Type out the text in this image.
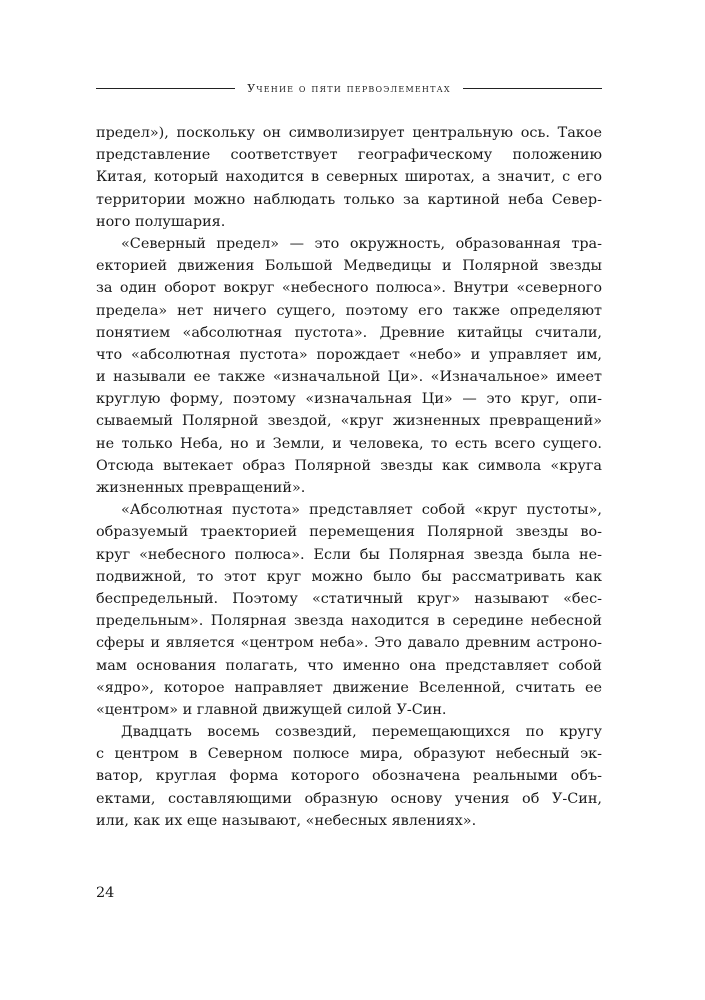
Учение о пяти первоэлементах
предел»), поскольку он символизирует центральную ось. Такое
представление соответствует географическому положению
Китая, который находится в северных широтах, а значит, с его
территории можно наблюдать только за картиной неба Север-
ного полушария.
«Северный предел» — это окружность, образованная тра-
екторией движения Большой Медведицы и Полярной звезды
за один оборот вокруг «небесного полюса». Внутри «северного
предела» нет ничего сущего, поэтому его также определяют
понятием «абсолютная пустота». Древние китайцы считали,
что «абсолютная пустота» порождает «небо» и управляет им,
и называли ее также «изначальной Ци». «Изначальное» имеет
круглую форму, поэтому «изначальная Ци» — это круг, опи-
сываемый Полярной звездой, «круг жизненных превращений»
не только Неба, но и Земли, и человека, то есть всего сущего.
Отсюда вытекает образ Полярной звезды как символа «круга
жизненных превращений».
«Абсолютная пустота» представляет собой «круг пустоты»,
образуемый траекторией перемещения Полярной звезды во-
круг «небесного полюса». Если бы Полярная звезда была не-
подвижной, то этот круг можно было бы рассматривать как
беспредельный. Поэтому «статичный круг» называют «бес-
предельным». Полярная звезда находится в середине небесной
сферы и является «центром неба». Это давало древним астроно-
мам основания полагать, что именно она представляет собой
«ядро», которое направляет движение Вселенной, считать ее
«центром» и главной движущей силой У-Син.
Двадцать восемь созвездий, перемещающихся по кругу
с центром в Северном полюсе мира, образуют небесный эк-
ватор, круглая форма которого обозначена реальными объ-
ектами, составляющими образную основу учения об У-Син,
или, как их еще называют, «небесных явлениях».
24
